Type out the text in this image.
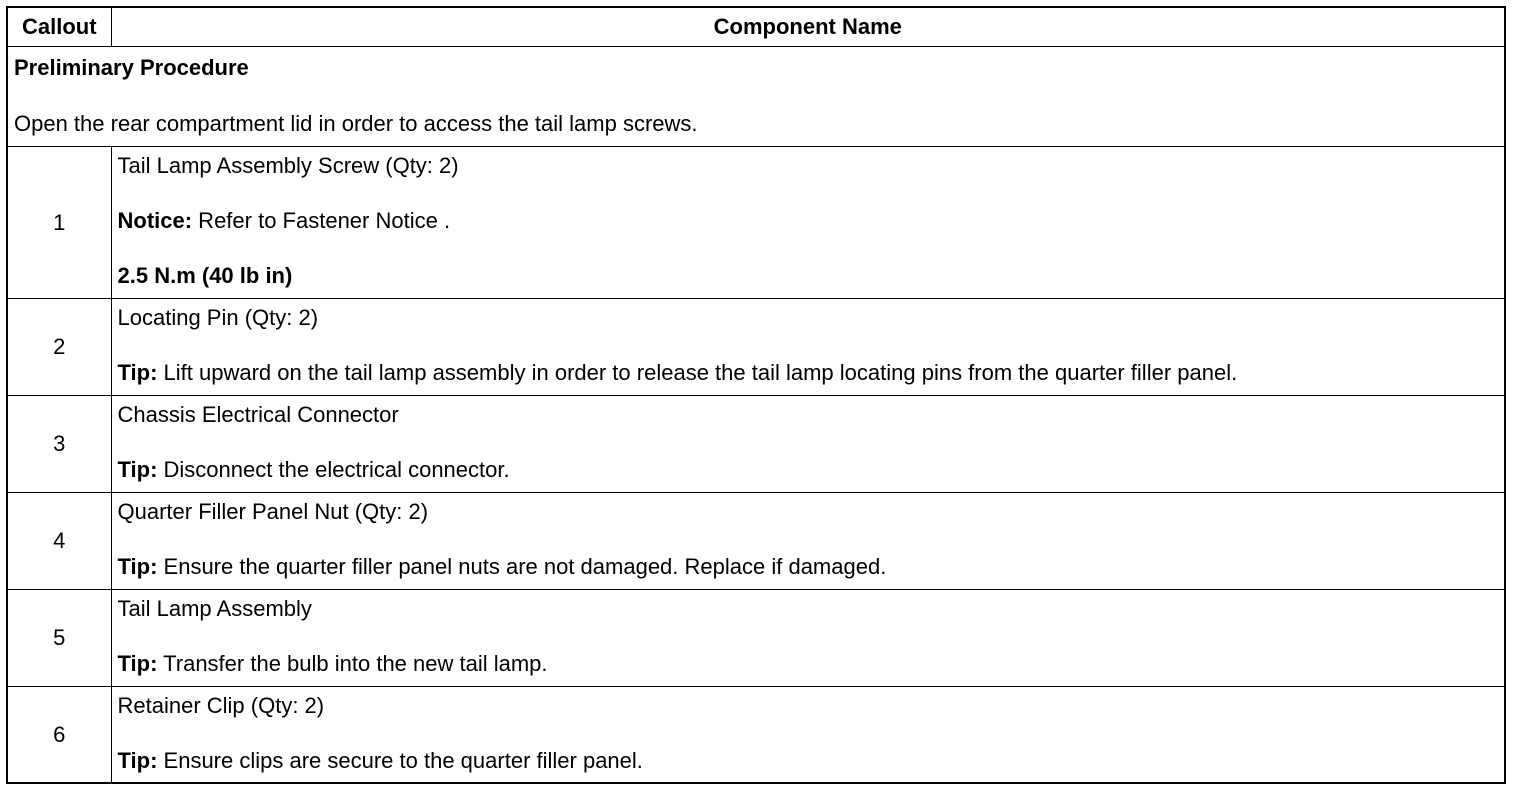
Callout	Component Name

Preliminary Procedure

Open the rear compartment lid in order to access the tail lamp screws.	

1	Tail Lamp Assembly Screw (Qty: 2)

Notice: Refer to Fastener Notice .

2.5 N.m (40 lb in)

2	Locating Pin (Qty: 2)

Tip: Lift upward on the tail lamp assembly in order to release the tail lamp locating pins from the quarter filler panel.

3	Chassis Electrical Connector

Tip: Disconnect the electrical connector.

4	Quarter Filler Panel Nut (Qty: 2)

Tip: Ensure the quarter filler panel nuts are not damaged. Replace if damaged.

5	Tail Lamp Assembly

Tip: Transfer the bulb into the new tail lamp.

6	Retainer Clip (Qty: 2)

Tip: Ensure clips are secure to the quarter filler panel.
